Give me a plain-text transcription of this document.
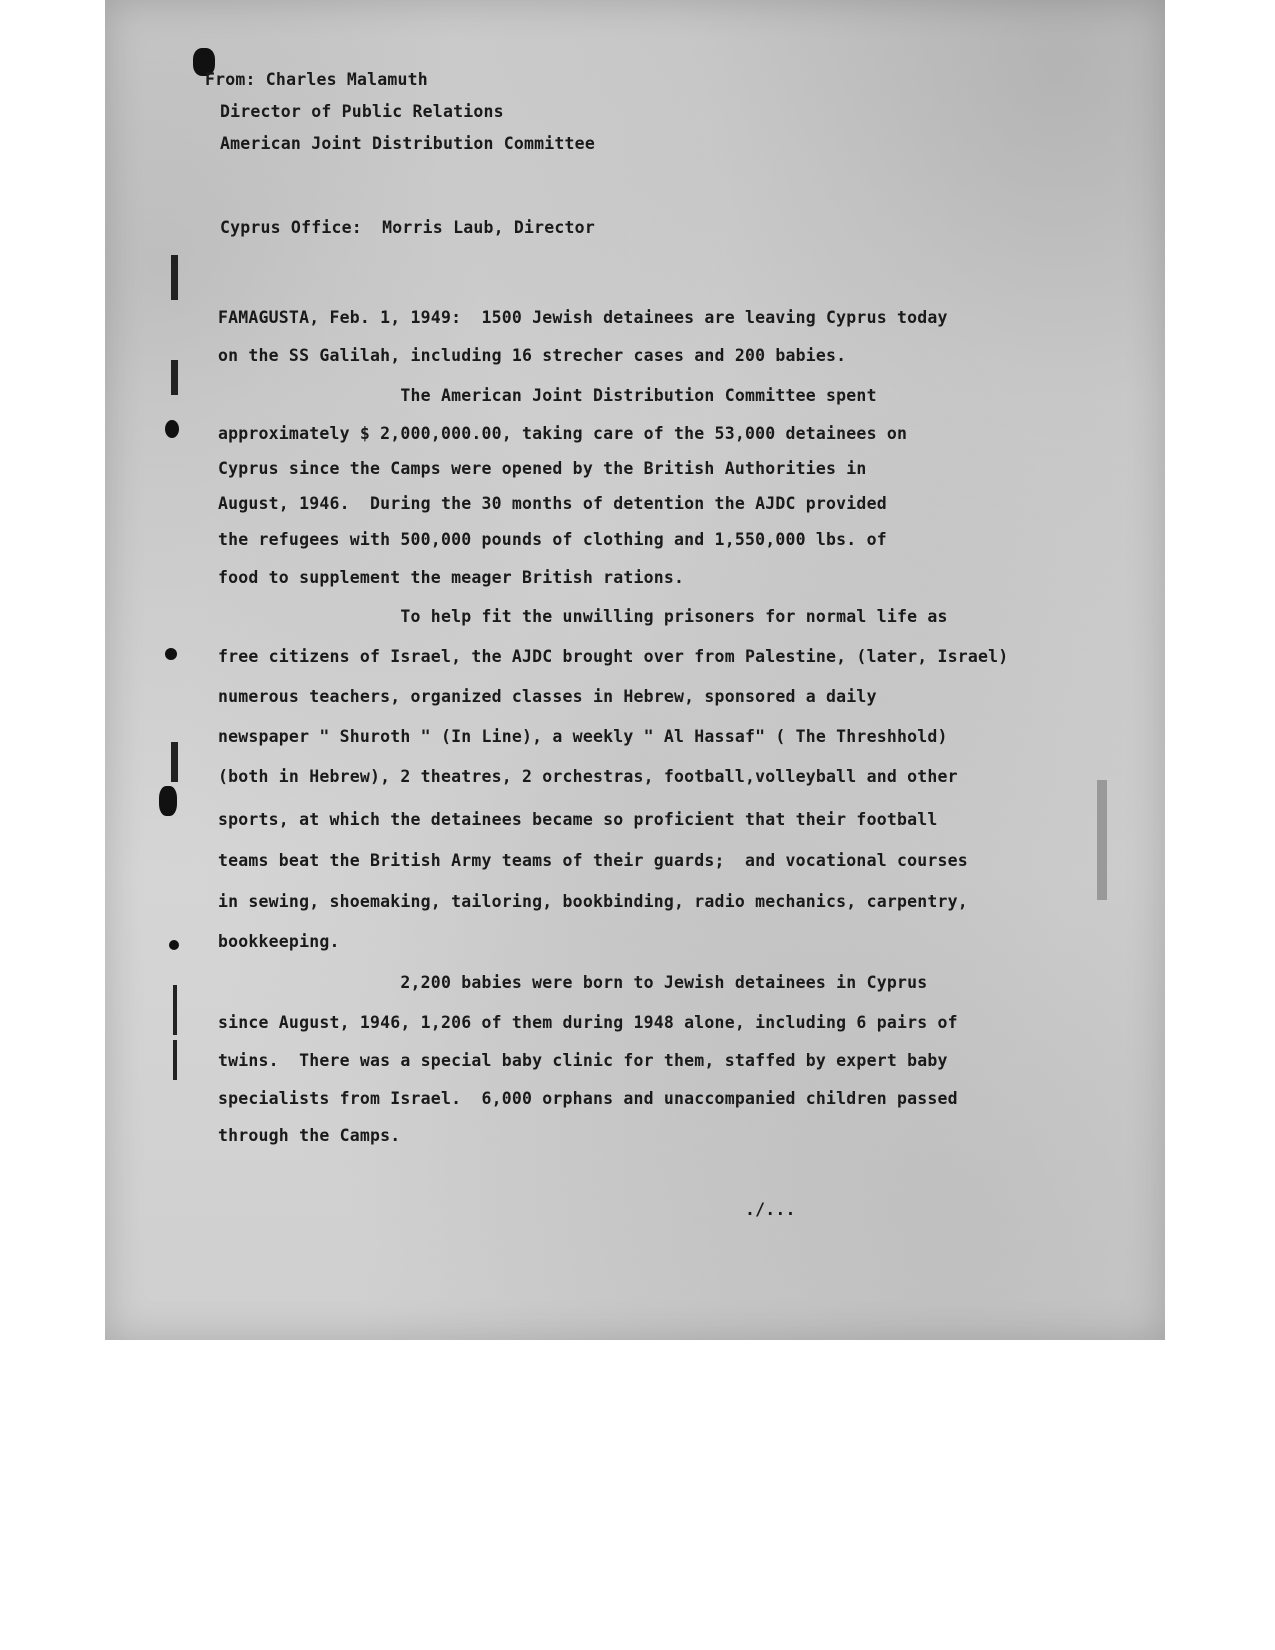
From: Charles Malamuth
Director of Public Relations
American Joint Distribution Committee
Cyprus Office:  Morris Laub, Director
FAMAGUSTA, Feb. 1, 1949:  1500 Jewish detainees are leaving Cyprus today
on the SS Galilah, including 16 strecher cases and 200 babies.
The American Joint Distribution Committee spent
approximately $ 2,000,000.00, taking care of the 53,000 detainees on
Cyprus since the Camps were opened by the British Authorities in
August, 1946.  During the 30 months of detention the AJDC provided
the refugees with 500,000 pounds of clothing and 1,550,000 lbs. of
food to supplement the meager British rations.
To help fit the unwilling prisoners for normal life as
free citizens of Israel, the AJDC brought over from Palestine, (later, Israel)
numerous teachers, organized classes in Hebrew, sponsored a daily
newspaper " Shuroth " (In Line), a weekly " Al Hassaf" ( The Threshhold)
(both in Hebrew), 2 theatres, 2 orchestras, football,volleyball and other
sports, at which the detainees became so proficient that their football
teams beat the British Army teams of their guards;  and vocational courses
in sewing, shoemaking, tailoring, bookbinding, radio mechanics, carpentry,
bookkeeping.
2,200 babies were born to Jewish detainees in Cyprus
since August, 1946, 1,206 of them during 1948 alone, including 6 pairs of
twins.  There was a special baby clinic for them, staffed by expert baby
specialists from Israel.  6,000 orphans and unaccompanied children passed
through the Camps.
./...
